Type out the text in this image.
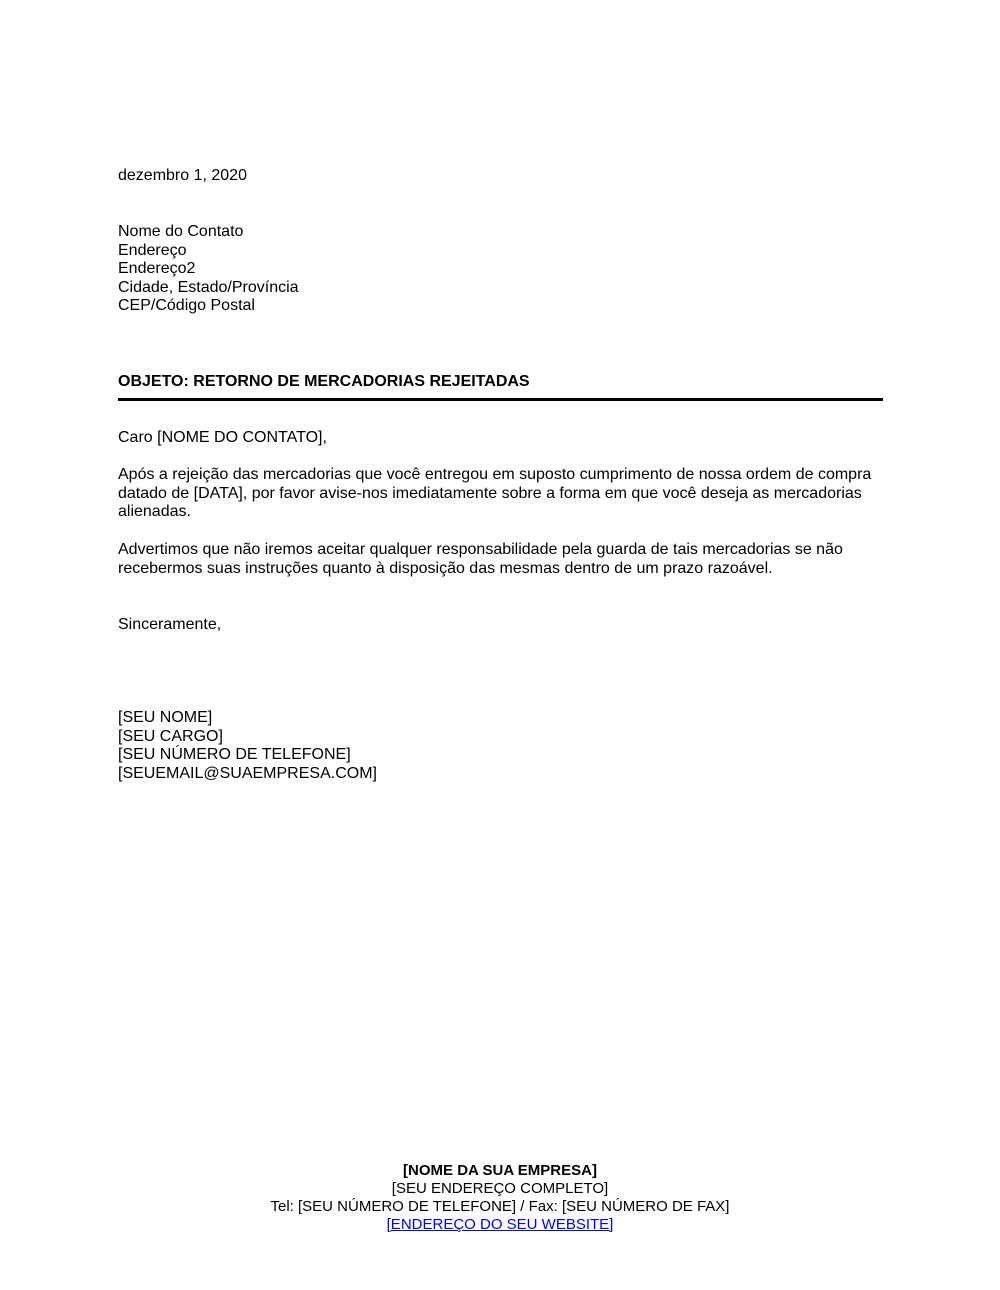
dezembro 1, 2020
Nome do Contato
Endereço
Endereço2
Cidade, Estado/Província
CEP/Código Postal
OBJETO: RETORNO DE MERCADORIAS REJEITADAS
Caro [NOME DO CONTATO],

Após a rejeição das mercadorias que você entregou em suposto cumprimento de nossa ordem de compra datado de [DATA], por favor avise-nos imediatamente sobre a forma em que você deseja as mercadorias alienadas.

Advertimos que não iremos aceitar qualquer responsabilidade pela guarda de tais mercadorias se não recebermos suas instruções quanto à disposição das mesmas dentro de um prazo razoável.

Sinceramente,
[SEU NOME]
[SEU CARGO]
[SEU NÚMERO DE TELEFONE]
[SEUEMAIL@SUAEMPRESA.COM]
[NOME DA SUA EMPRESA]
[SEU ENDEREÇO COMPLETO]
Tel: [SEU NÚMERO DE TELEFONE] / Fax: [SEU NÚMERO DE FAX]
[ENDEREÇO DO SEU WEBSITE]
